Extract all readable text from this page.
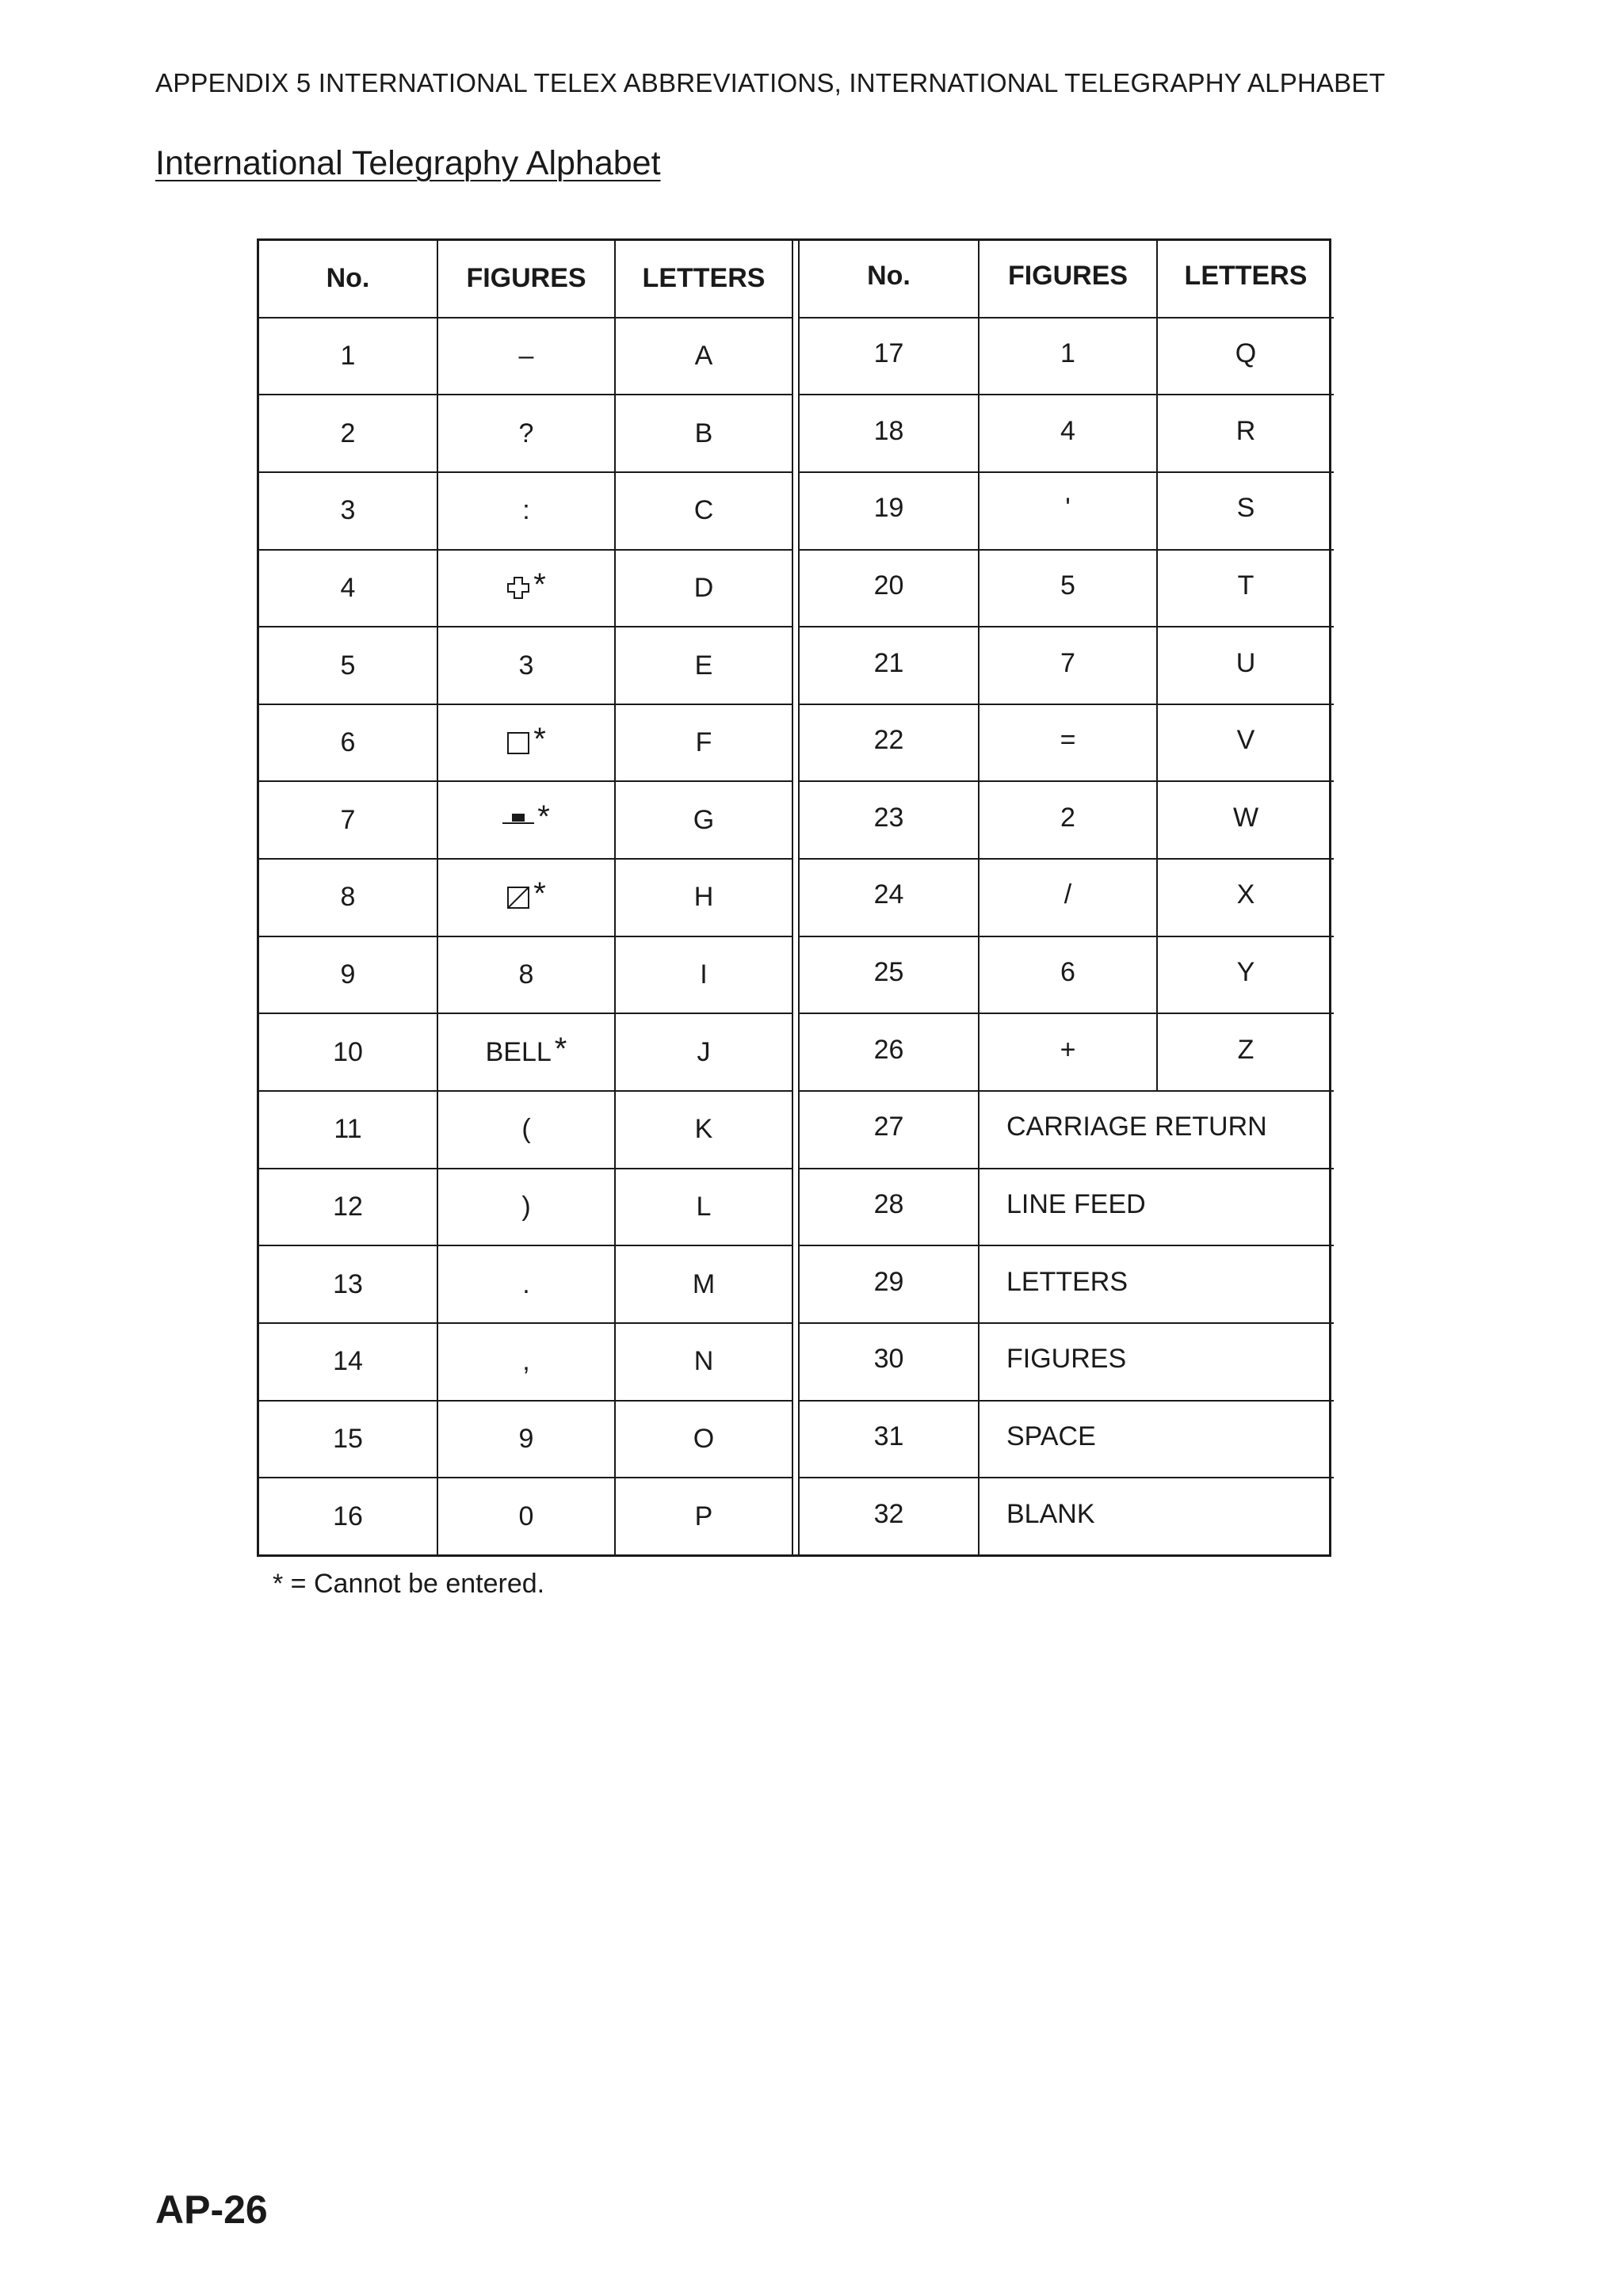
APPENDIX 5 INTERNATIONAL TELEX ABBREVIATIONS, INTERNATIONAL TELEGRAPHY ALPHABET
International Telegraphy Alphabet
No.	FIGURES	LETTERS
1	–	A
2	?	B
3	:	C
4	*	D
5	3	E
6	*	F
7	*	G
8	*	H
9	8	I
10	BELL *	J
11	(	K
12	)	L
13	.	M
14	,	N
15	9	O
16	0	P
No.	FIGURES	LETTERS
17	1	Q
18	4	R
19	'	S
20	5	T
21	7	U
22	=	V
23	2	W
24	/	X
25	6	Y
26	+	Z
27	CARRIAGE RETURN
28	LINE FEED
29	LETTERS
30	FIGURES
31	SPACE
32	BLANK
* = Cannot be entered.
AP-26
